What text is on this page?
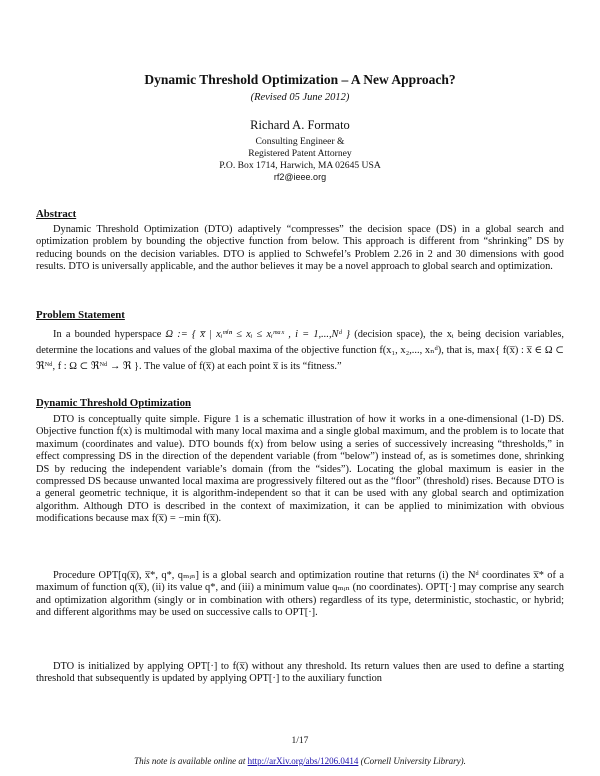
Dynamic Threshold Optimization – A New Approach?
(Revised 05 June 2012)
Richard A. Formato
Consulting Engineer &
Registered Patent Attorney
P.O. Box 1714, Harwich, MA 02645 USA
rf2@ieee.org
Abstract

Dynamic Threshold Optimization (DTO) adaptively “compresses” the decision space (DS) in a global search and optimization problem by bounding the objective function from below. This approach is different from “shrinking” DS by reducing bounds on the decision variables. DTO is applied to Schwefel’s Problem 2.26 in 2 and 30 dimensions with good results. DTO is universally applicable, and the author believes it may be a novel approach to global search and optimization.

Problem Statement

In a bounded hyperspace Ω := { x̅ | xᵢᵐⁱⁿ ≤ xᵢ ≤ xᵢᵐᵃˣ , i = 1,...,Nᵈ } (decision space), the xᵢ being decision variables, determine the locations and values of the global maxima of the objective function f(x₁, x₂,..., xₙᵈ), that is, max{ f(x̅) : x̅ ∈ Ω ⊂ ℜᴺᵈ, f : Ω ⊂ ℜᴺᵈ → ℜ }. The value of f(x̅) at each point x̅ is its “fitness.”

Dynamic Threshold Optimization

DTO is conceptually quite simple. Figure 1 is a schematic illustration of how it works in a one-dimensional (1-D) DS. Objective function f(x) is multimodal with many local maxima and a single global maximum, and the problem is to locate that maximum (coordinates and value). DTO bounds f(x) from below using a series of successively increasing “thresholds,” in effect compressing DS in the direction of the dependent variable (from “below”) instead of, as is sometimes done, shrinking DS by reducing the independent variable’s domain (from the “sides”). Locating the global maximum is easier in the compressed DS because unwanted local maxima are progressively filtered out as the “floor” (threshold) rises. Because DTO is a general geometric technique, it is algorithm-independent so that it can be used with any global search and optimization algorithm. Although DTO is described in the context of maximization, it can be applied to minimization with obvious modifications because max f(x̅) = −min f(x̅).

Procedure OPT[q(x̅), x̅*, q*, qₘᵢₙ] is a global search and optimization routine that returns (i) the Nᵈ coordinates x̅* of a maximum of function q(x̅), (ii) its value q*, and (iii) a minimum value qₘᵢₙ (no coordinates). OPT[·] may comprise any search and optimization algorithm (singly or in combination with others) regardless of its type, deterministic, stochastic, or hybrid; and different algorithms may be used on successive calls to OPT[·].

DTO is initialized by applying OPT[·] to f(x̅) without any threshold. Its return values then are used to define a starting threshold that subsequently is updated by applying OPT[·] to the auxiliary function

1/17
This note is available online at http://arXiv.org/abs/1206.0414 (Cornell University Library).
